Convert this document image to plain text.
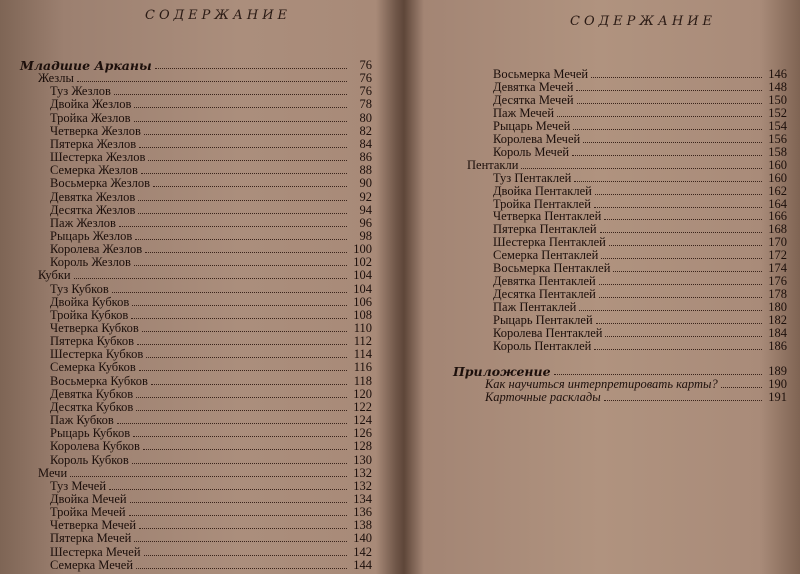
СОДЕРЖАНИЕ
Младшие Арканы	76
Жезлы	76
Туз Жезлов	76
Двойка Жезлов	78
Тройка Жезлов	80
Четверка Жезлов	82
Пятерка Жезлов	84
Шестерка Жезлов	86
Семерка Жезлов	88
Восьмерка Жезлов	90
Девятка Жезлов	92
Десятка Жезлов	94
Паж Жезлов	96
Рыцарь Жезлов	98
Королева Жезлов	100
Король Жезлов	102
Кубки	104
Туз Кубков	104
Двойка Кубков	106
Тройка Кубков	108
Четверка Кубков	110
Пятерка Кубков	112
Шестерка Кубков	114
Семерка Кубков	116
Восьмерка Кубков	118
Девятка Кубков	120
Десятка Кубков	122
Паж Кубков	124
Рыцарь Кубков	126
Королева Кубков	128
Король Кубков	130
Мечи	132
Туз Мечей	132
Двойка Мечей	134
Тройка Мечей	136
Четверка Мечей	138
Пятерка Мечей	140
Шестерка Мечей	142
Семерка Мечей	144
СОДЕРЖАНИЕ
Восьмерка Мечей	146
Девятка Мечей	148
Десятка Мечей	150
Паж Мечей	152
Рыцарь Мечей	154
Королева Мечей	156
Король Мечей	158
Пентакли	160
Туз Пентаклей	160
Двойка Пентаклей	162
Тройка Пентаклей	164
Четверка Пентаклей	166
Пятерка Пентаклей	168
Шестерка Пентаклей	170
Семерка Пентаклей	172
Восьмерка Пентаклей	174
Девятка Пентаклей	176
Десятка Пентаклей	178
Паж Пентаклей	180
Рыцарь Пентаклей	182
Королева Пентаклей	184
Король Пентаклей	186
Приложение	189
Как научиться интерпретировать карты?	190
Карточные расклады	191
